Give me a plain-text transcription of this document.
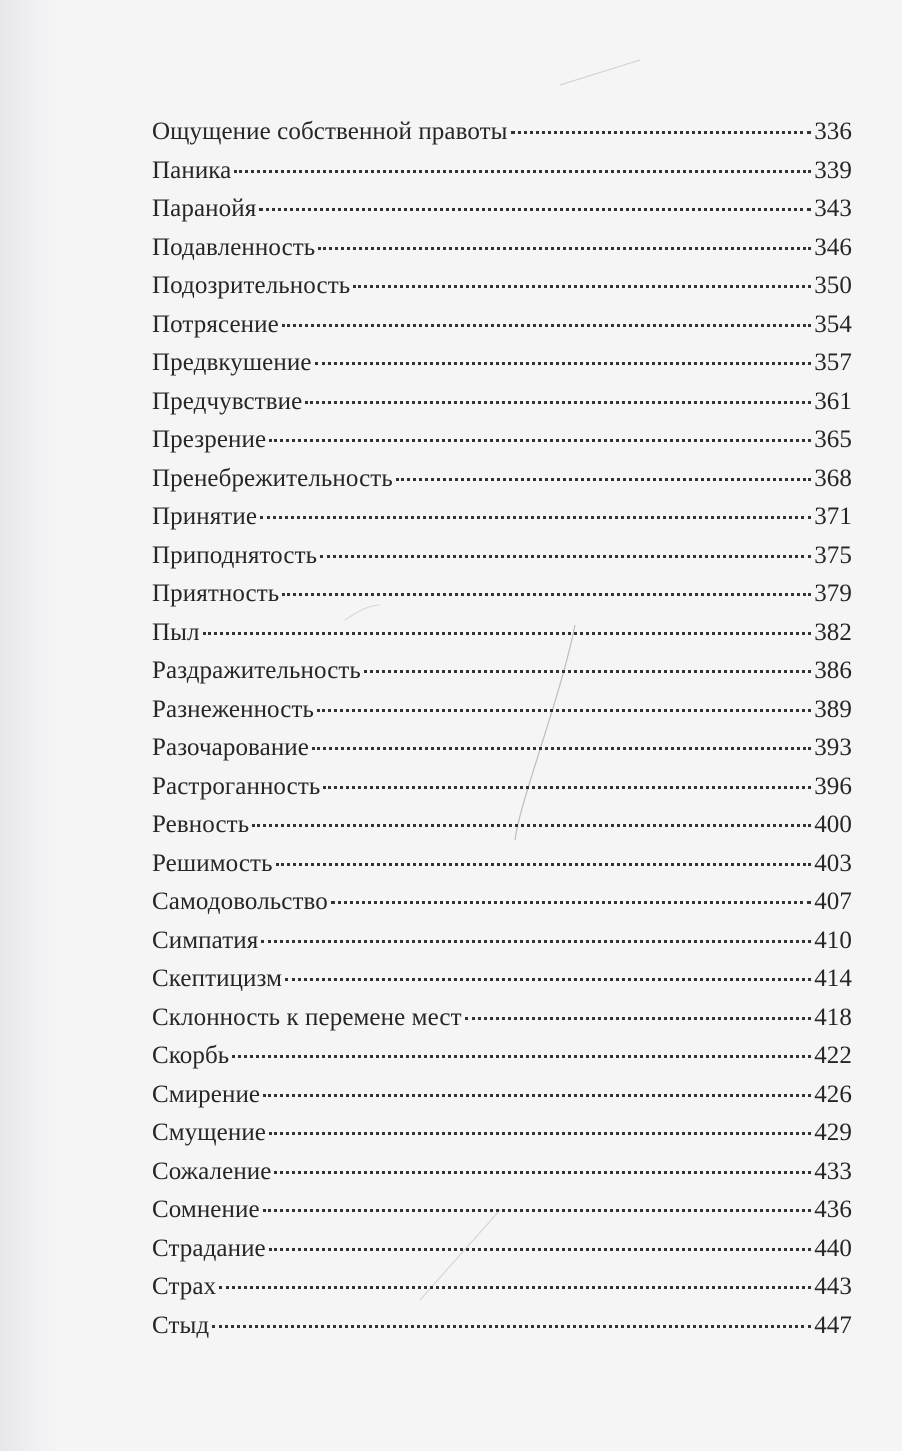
Ощущение собственной правоты	336
Паника	339
Паранойя	343
Подавленность	346
Подозрительность	350
Потрясение	354
Предвкушение	357
Предчувствие	361
Презрение	365
Пренебрежительность	368
Принятие	371
Приподнятость	375
Приятность	379
Пыл	382
Раздражительность	386
Разнеженность	389
Разочарование	393
Растроганность	396
Ревность	400
Решимость	403
Самодовольство	407
Симпатия	410
Скептицизм	414
Склонность к перемене мест	418
Скорбь	422
Смирение	426
Смущение	429
Сожаление	433
Сомнение	436
Страдание	440
Страх	443
Стыд	447
